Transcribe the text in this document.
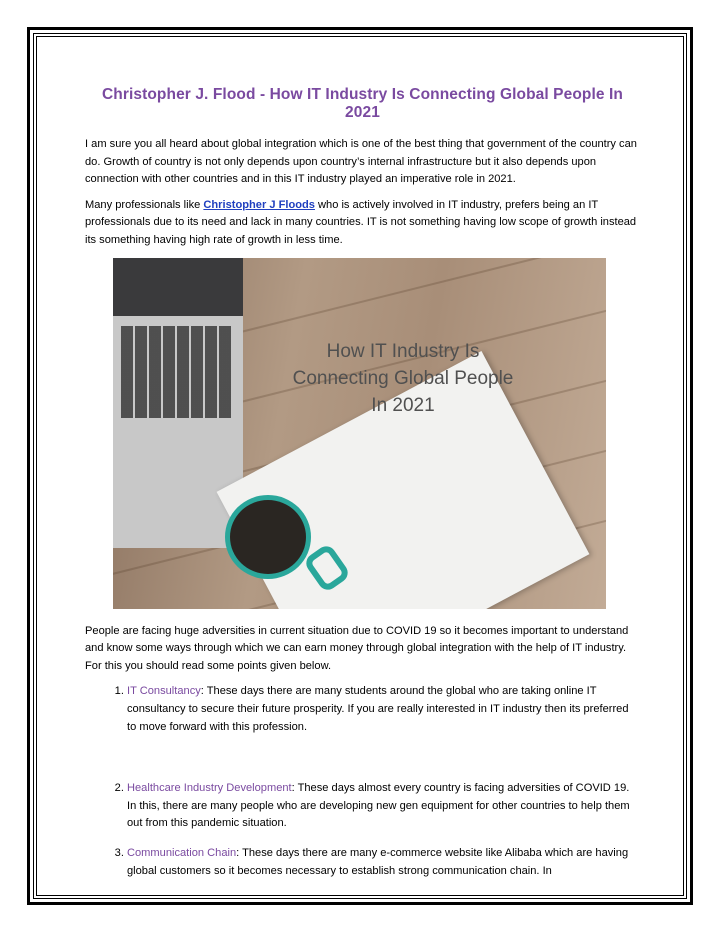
Christopher J. Flood - How IT Industry Is Connecting Global People In 2021

I am sure you all heard about global integration which is one of the best thing that government of the country can do. Growth of country is not only depends upon country’s internal infrastructure but it also depends upon connection with other countries and in this IT industry played an imperative role in 2021.

Many professionals like Christopher J Floods who is actively involved in IT industry, prefers being an IT professionals due to its need and lack in many countries. IT is not something having low scope of growth instead its something having high rate of growth in less time.

How IT Industry Is
Connecting Global People
In 2021

People are facing huge adversities in current situation due to COVID 19 so it becomes important to understand and know some ways through which we can earn money through global integration with the help of IT industry. For this you should read some points given below.

1. IT Consultancy: These days there are many students around the global who are taking online IT consultancy to secure their future prosperity. If you are really interested in IT industry then its preferred to move forward with this profession.
2. Healthcare Industry Development: These days almost every country is facing adversities of COVID 19. In this, there are many people who are developing new gen equipment for other countries to help them out from this pandemic situation.
3. Communication Chain: These days there are many e-commerce website like Alibaba which are having global customers so it becomes necessary to establish strong communication chain. In
